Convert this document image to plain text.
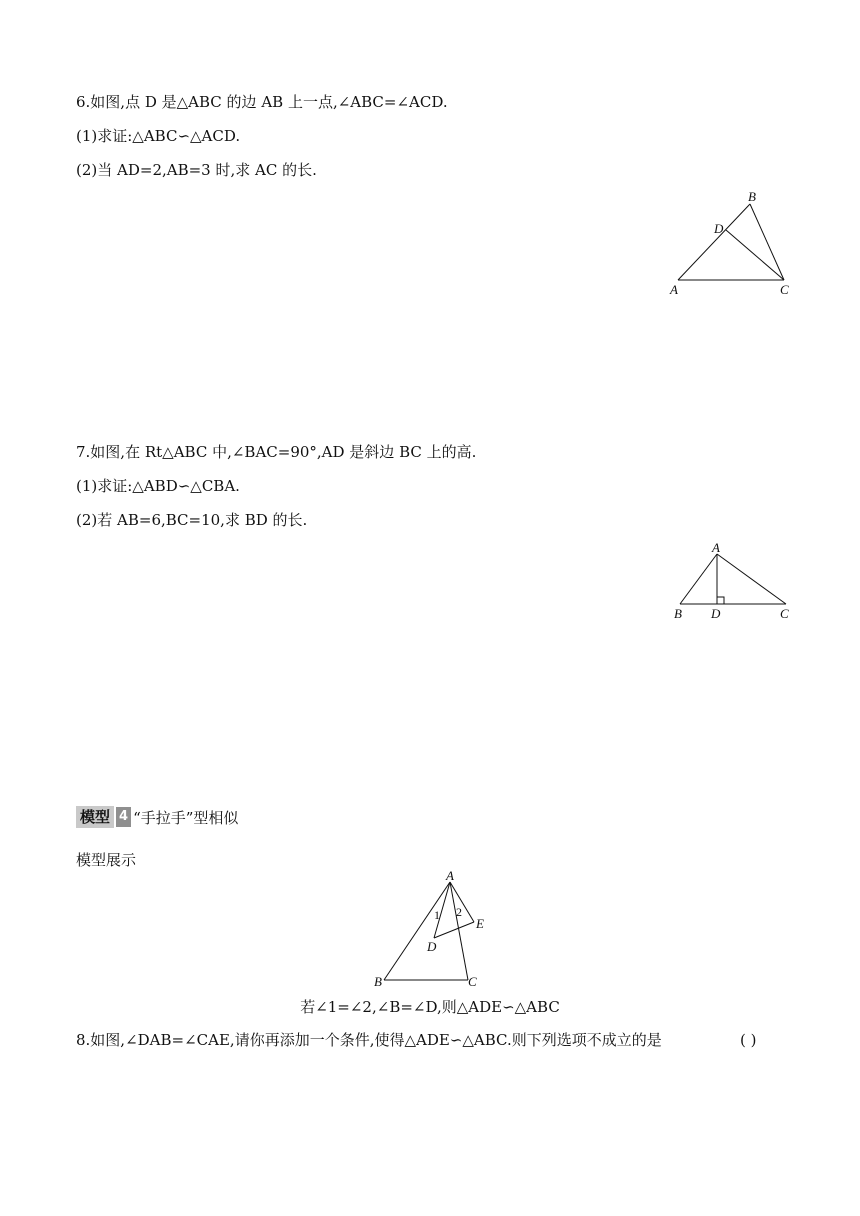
6.如图,点 D 是△ABC 的边 AB 上一点,∠ABC=∠ACD.
(1)求证:△ABC∽△ACD.
(2)当 AD=2,AB=3 时,求 AC 的长.
B
D
A	C
7.如图,在 Rt△ABC 中,∠BAC=90°,AD 是斜边 BC 上的高.
(1)求证:△ABD∽△CBA.
(2)若 AB=6,BC=10,求 BD 的长.
A
B D	C
模型 4 “手拉手”型相似
模型展示
A
1 2
E
D
B	C
若∠1=∠2,∠B=∠D,则△ADE∽△ABC
8.如图,∠DAB=∠CAE,请你再添加一个条件,使得△ADE∽△ABC.则下列选项不成立的是	( )
